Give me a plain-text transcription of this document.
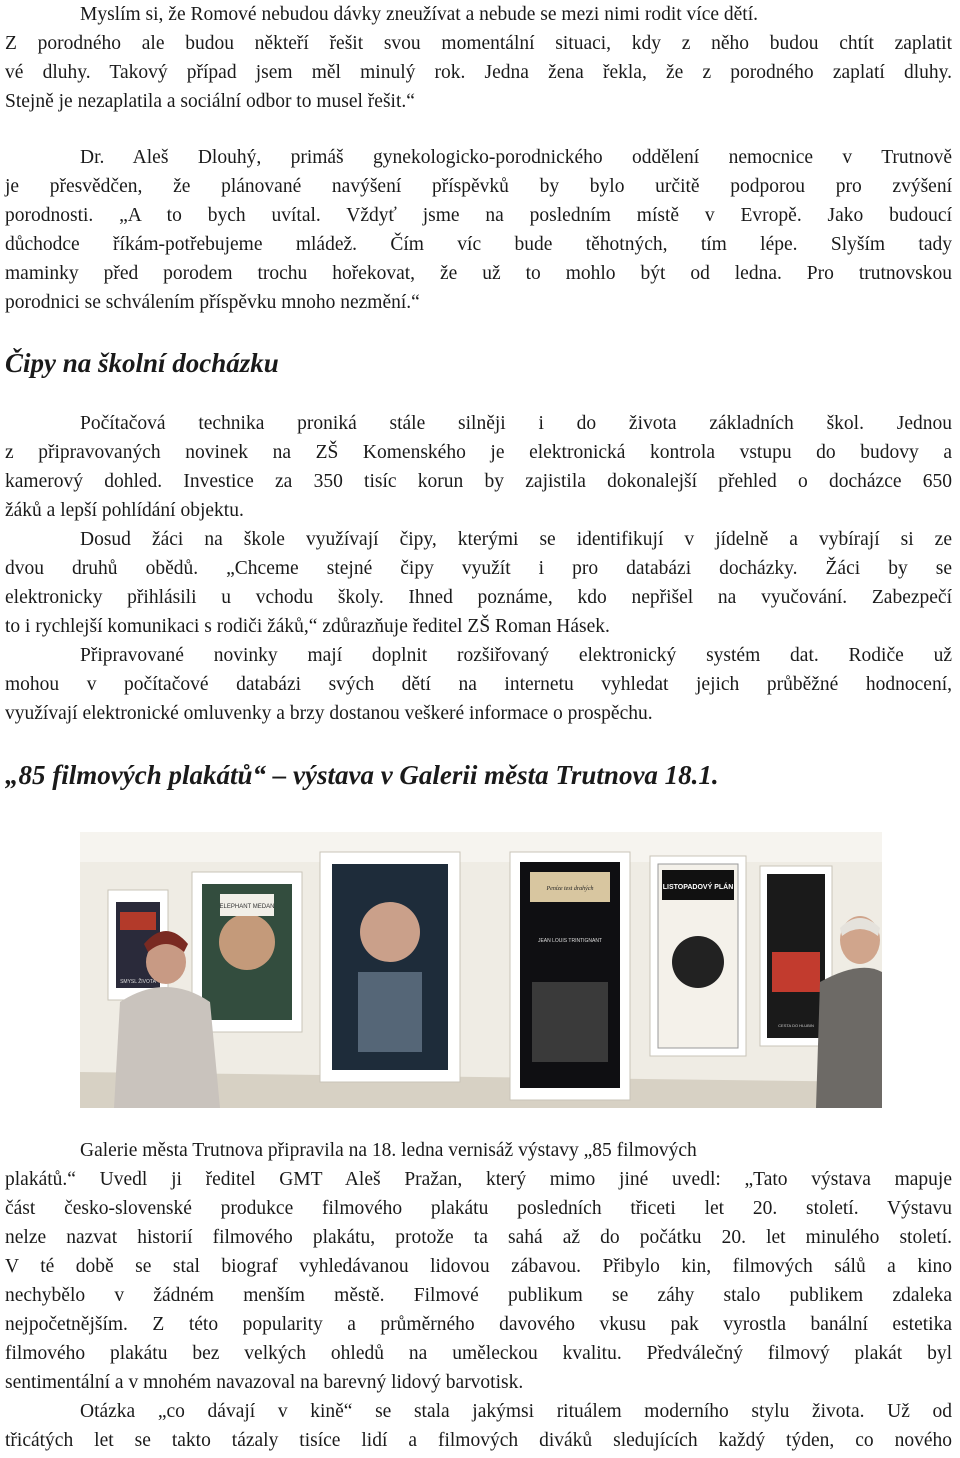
Myslím si, že Romové nebudou dávky zneužívat a nebude se mezi nimi rodit více dětí.
Z porodného ale budou někteří řešit svou momentální situaci, kdy z něho budou chtít zaplatit
vé dluhy. Takový případ jsem měl minulý rok. Jedna žena řekla, že z porodného zaplatí dluhy.
Stejně je nezaplatila a sociální odbor to musel řešit.“
Dr. Aleš Dlouhý, primáš gynekologicko-porodnického oddělení nemocnice v Trutnově
je přesvědčen, že plánované navýšení příspěvků by bylo určitě podporou pro zvýšení
porodnosti. „A to bych uvítal. Vždyť jsme na posledním místě v Evropě. Jako budoucí
důchodce říkám-potřebujeme mládež. Čím víc bude těhotných, tím lépe. Slyším tady
maminky před porodem trochu hořekovat, že už to mohlo být od ledna. Pro trutnovskou
porodnici se schválením příspěvku mnoho nezmění.“
Čipy na školní docházku
Počítačová technika proniká stále silněji i do života základních škol. Jednou
z připravovaných novinek na ZŠ Komenského je elektronická kontrola vstupu do budovy a
kamerový dohled. Investice za 350 tisíc korun by zajistila dokonalejší přehled o docházce 650
žáků a lepší pohlídání objektu.
Dosud žáci na škole využívají čipy, kterými se identifikují v jídelně a vybírají si ze
dvou druhů obědů. „Chceme stejné čipy využít i pro databázi docházky. Žáci by se
elektronicky přihlásili u vchodu školy. Ihned poznáme, kdo nepřišel na vyučování. Zabezpečí
to i rychlejší komunikaci s rodiči žáků,“ zdůrazňuje ředitel ZŠ Roman Hásek.
Připravované novinky mají doplnit rozšiřovaný elektronický systém dat. Rodiče už
mohou v počítačové databázi svých dětí na internetu vyhledat jejich průběžné hodnocení,
využívají elektronické omluvenky a brzy dostanou veškeré informace o prospěchu.
„85 filmových plakátů“ – výstava v Galerii města Trutnova 18.1.
SMYSL ŽIVOTA
ELEPHANT MEDAN
Peníze test drahých
JEAN LOUIS TRINTIGNANT
LISTOPADOVÝ PLÁN
CESTA DO HLUBIN
Galerie města Trutnova připravila na 18. ledna vernisáž výstavy „85 filmových
plakátů.“ Uvedl ji ředitel GMT Aleš Pražan, který mimo jiné uvedl: „Tato výstava mapuje
část česko-slovenské produkce filmového plakátu posledních třiceti let 20. století. Výstavu
nelze nazvat historií filmového plakátu, protože ta sahá až do počátku 20. let minulého století.
V té době se stal biograf vyhledávanou lidovou zábavou. Přibylo kin, filmových sálů a kino
nechybělo v žádném menším městě. Filmové publikum se záhy stalo publikem zdaleka
nejpočetnějším. Z této popularity a průměrného davového vkusu pak vyrostla banální estetika
filmového plakátu bez velkých ohledů na uměleckou kvalitu. Předválečný filmový plakát byl
sentimentální a v mnohém navazoval na barevný lidový barvotisk.
Otázka „co dávají v kině“ se stala jakýmsi rituálem moderního stylu života. Už od
třicátých let se takto tázaly tisíce lidí a filmových diváků sledujících každý týden, co nového
